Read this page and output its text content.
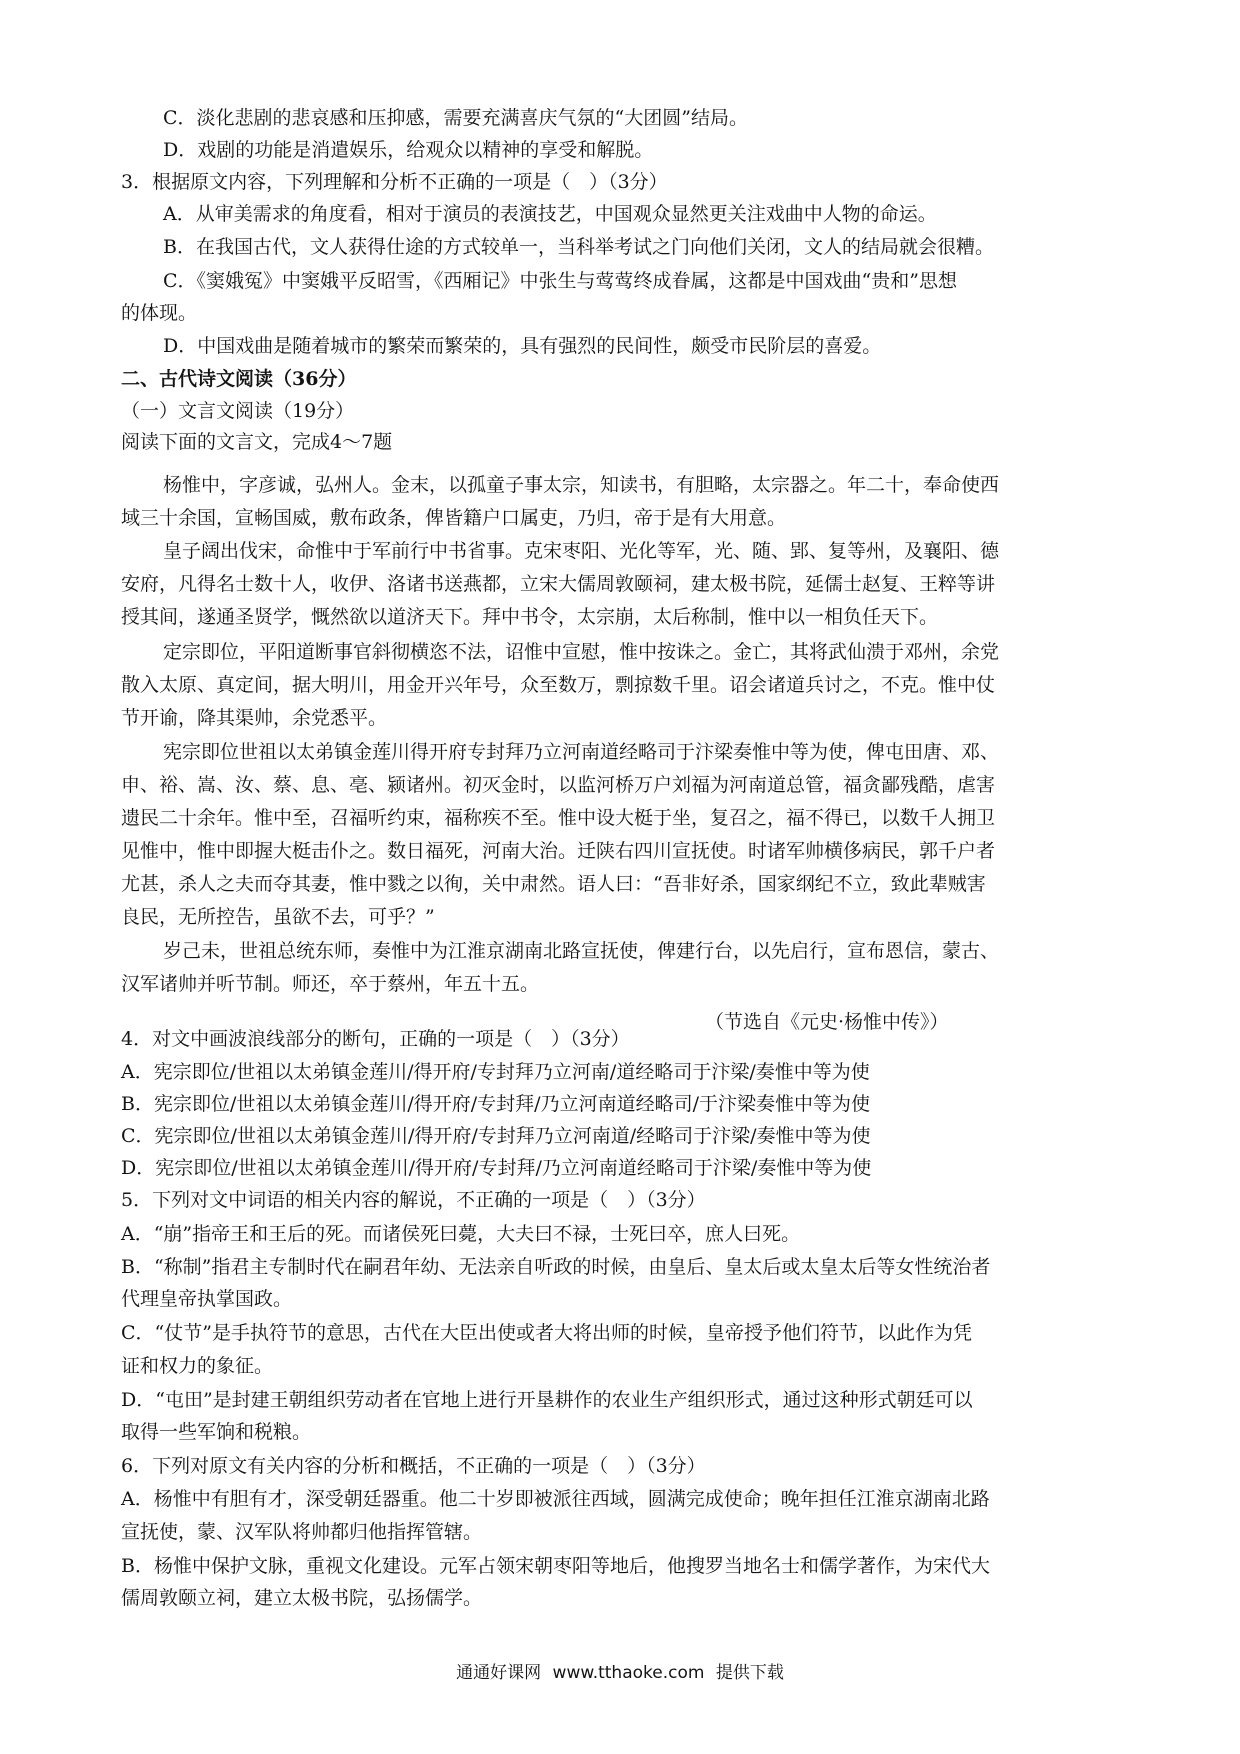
C．淡化悲剧的悲哀感和压抑感，需要充满喜庆气氛的“大团圆”结局。
D．戏剧的功能是消遣娱乐，给观众以精神的享受和解脱。
3．根据原文内容，下列理解和分析不正确的一项是（　）（3分）
A．从审美需求的角度看，相对于演员的表演技艺，中国观众显然更关注戏曲中人物的命运。
B．在我国古代，文人获得仕途的方式较单一，当科举考试之门向他们关闭，文人的结局就会很糟。
C．《窦娥冤》中窦娥平反昭雪，《西厢记》中张生与莺莺终成眷属，这都是中国戏曲“贵和”思想
的体现。
D．中国戏曲是随着城市的繁荣而繁荣的，具有强烈的民间性，颇受市民阶层的喜爱。
二、古代诗文阅读（36分）
（一）文言文阅读（19分）
阅读下面的文言文，完成4～7题
杨惟中，字彦诚，弘州人。金末，以孤童子事太宗，知读书，有胆略，太宗器之。年二十，奉命使西
域三十余国，宣畅国威，敷布政条，俾皆籍户口属吏，乃归，帝于是有大用意。
皇子阔出伐宋，命惟中于军前行中书省事。克宋枣阳、光化等军，光、随、郢、复等州，及襄阳、德
安府，凡得名士数十人，收伊、洛诸书送燕都，立宋大儒周敦颐祠，建太极书院，延儒士赵复、王粹等讲
授其间，遂通圣贤学，慨然欲以道济天下。拜中书令，太宗崩，太后称制，惟中以一相负任天下。
定宗即位，平阳道断事官斜彻横恣不法，诏惟中宣慰，惟中按诛之。金亡，其将武仙溃于邓州，余党
散入太原、真定间，据大明川，用金开兴年号，众至数万，剽掠数千里。诏会诸道兵讨之，不克。惟中仗
节开谕，降其渠帅，余党悉平。
宪宗即位世祖以太弟镇金莲川得开府专封拜乃立河南道经略司于汴梁奏惟中等为使，俾屯田唐、邓、
申、裕、嵩、汝、蔡、息、亳、颍诸州。初灭金时，以监河桥万户刘福为河南道总管，福贪鄙残酷，虐害
遗民二十余年。惟中至，召福听约束，福称疾不至。惟中设大梃于坐，复召之，福不得已，以数千人拥卫
见惟中，惟中即握大梃击仆之。数日福死，河南大治。迁陕右四川宣抚使。时诸军帅横侈病民，郭千户者
尤甚，杀人之夫而夺其妻，惟中戮之以徇，关中肃然。语人曰：“吾非好杀，国家纲纪不立，致此辈贼害
良民，无所控告，虽欲不去，可乎？”
岁己未，世祖总统东师，奏惟中为江淮京湖南北路宣抚使，俾建行台，以先启行，宣布恩信，蒙古、
汉军诸帅并听节制。师还，卒于蔡州，年五十五。
4．对文中画波浪线部分的断句，正确的一项是（　）（3分）
A．宪宗即位/世祖以太弟镇金莲川/得开府/专封拜乃立河南/道经略司于汴梁/奏惟中等为使
B．宪宗即位/世祖以太弟镇金莲川/得开府/专封拜/乃立河南道经略司/于汴梁奏惟中等为使
C．宪宗即位/世祖以太弟镇金莲川/得开府/专封拜乃立河南道/经略司于汴梁/奏惟中等为使
D．宪宗即位/世祖以太弟镇金莲川/得开府/专封拜/乃立河南道经略司于汴梁/奏惟中等为使
5．下列对文中词语的相关内容的解说，不正确的一项是（　）（3分）
A．“崩”指帝王和王后的死。而诸侯死曰薨，大夫曰不禄，士死曰卒，庶人曰死。
B．“称制”指君主专制时代在嗣君年幼、无法亲自听政的时候，由皇后、皇太后或太皇太后等女性统治者
代理皇帝执掌国政。
C．“仗节”是手执符节的意思，古代在大臣出使或者大将出师的时候，皇帝授予他们符节，以此作为凭
证和权力的象征。
D．“屯田”是封建王朝组织劳动者在官地上进行开垦耕作的农业生产组织形式，通过这种形式朝廷可以
取得一些军饷和税粮。
6．下列对原文有关内容的分析和概括，不正确的一项是（　）（3分）
A．杨惟中有胆有才，深受朝廷器重。他二十岁即被派往西域，圆满完成使命；晚年担任江淮京湖南北路
宣抚使，蒙、汉军队将帅都归他指挥管辖。
B．杨惟中保护文脉，重视文化建设。元军占领宋朝枣阳等地后，他搜罗当地名士和儒学著作，为宋代大
儒周敦颐立祠，建立太极书院，弘扬儒学。
（节选自《元史·杨惟中传》）
通通好课网 www.tthaoke.com 提供下载
